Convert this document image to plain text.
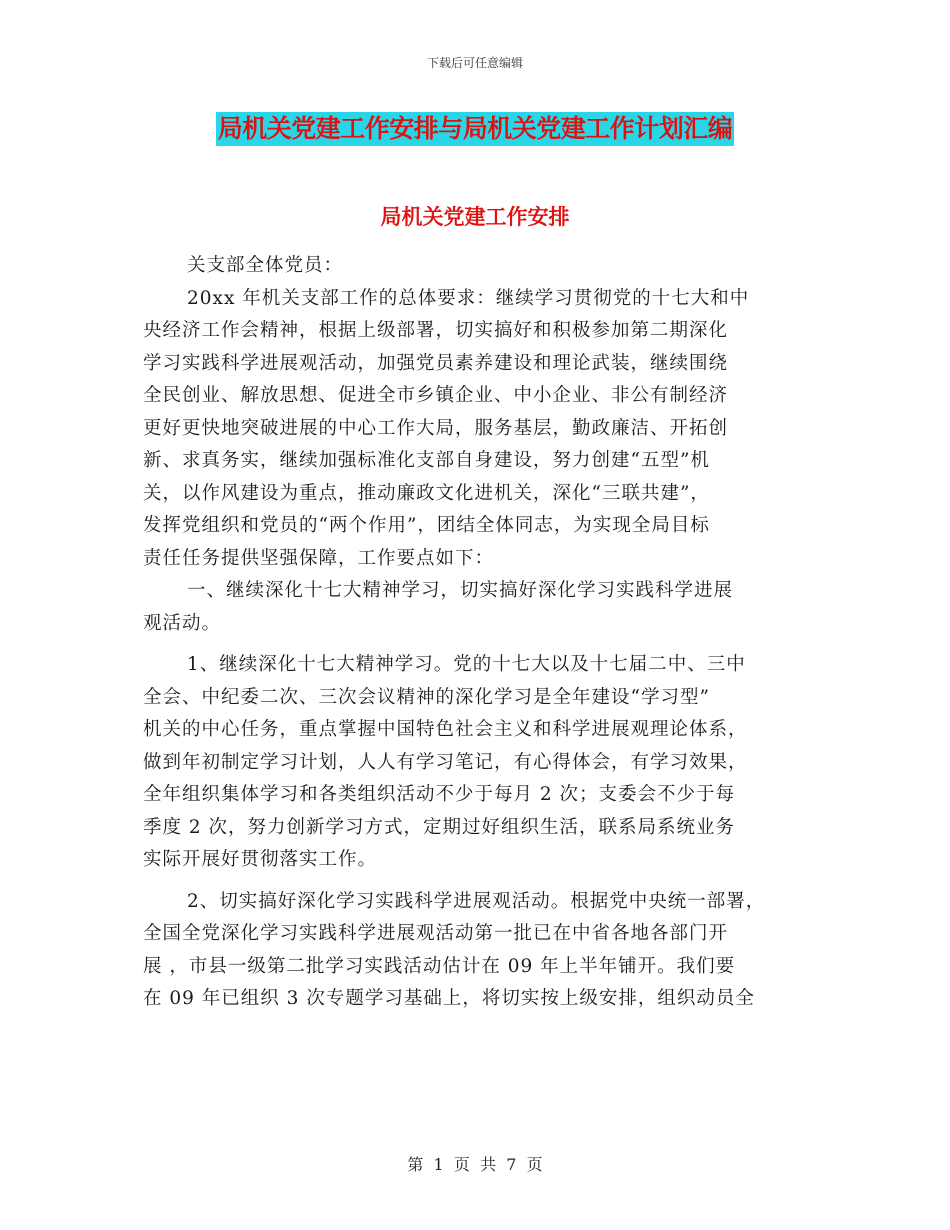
下载后可任意编辑
局机关党建工作安排与局机关党建工作计划汇编
局机关党建工作安排
关支部全体党员：
20xx 年机关支部工作的总体要求：继续学习贯彻党的十七大和中
央经济工作会精神，根据上级部署，切实搞好和积极参加第二期深化
学习实践科学进展观活动，加强党员素养建设和理论武装，继续围绕
全民创业、解放思想、促进全市乡镇企业、中小企业、非公有制经济
更好更快地突破进展的中心工作大局，服务基层，勤政廉洁、开拓创
新、求真务实，继续加强标准化支部自身建设，努力创建“五型”机
关，以作风建设为重点，推动廉政文化进机关，深化“三联共建”，
发挥党组织和党员的“两个作用”，团结全体同志，为实现全局目标
责任任务提供坚强保障，工作要点如下：
一、继续深化十七大精神学习，切实搞好深化学习实践科学进展
观活动。
1、继续深化十七大精神学习。党的十七大以及十七届二中、三中
全会、中纪委二次、三次会议精神的深化学习是全年建设“学习型”
机关的中心任务，重点掌握中国特色社会主义和科学进展观理论体系，
做到年初制定学习计划，人人有学习笔记，有心得体会，有学习效果，
全年组织集体学习和各类组织活动不少于每月 2 次；支委会不少于每
季度 2 次，努力创新学习方式，定期过好组织生活，联系局系统业务
实际开展好贯彻落实工作。
2、切实搞好深化学习实践科学进展观活动。根据党中央统一部署，
全国全党深化学习实践科学进展观活动第一批已在中省各地各部门开
展 ，市县一级第二批学习实践活动估计在 09 年上半年铺开。我们要
在 09 年已组织 3 次专题学习基础上，将切实按上级安排，组织动员全
第  1  页  共  7  页
